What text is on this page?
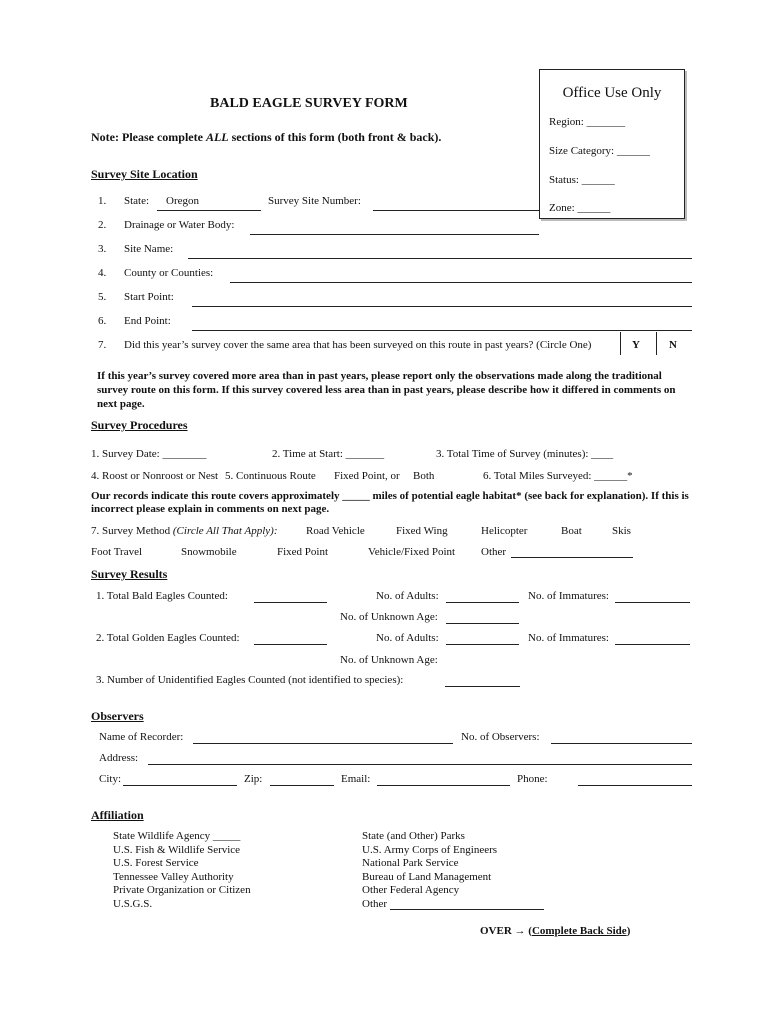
BALD EAGLE SURVEY FORM
Note: Please complete ALL sections of this form (both front & back).
Office Use Only
Region: _______
Size Category: ______
Status: ______
Zone: ______
Survey Site Location
1. State: Oregon	Survey Site Number:
2. Drainage or Water Body:
3. Site Name:
4. County or Counties:
5. Start Point:
6. End Point:
7. Did this year’s survey cover the same area that has been surveyed on this route in past years? (Circle One)	Y	N
If this year’s survey covered more area than in past years, please report only the observations made along the traditional survey route on this form. If this survey covered less area than in past years, please describe how it differed in comments on next page.
Survey Procedures
1. Survey Date: ________	2. Time at Start: _______	3. Total Time of Survey (minutes): ____
4. Roost or Nonroost or Nest 5. Continuous Route Fixed Point, or Both	6. Total Miles Surveyed: ______*
Our records indicate this route covers approximately _____ miles of potential eagle habitat* (see back for explanation). If this is incorrect please explain in comments on next page.
7. Survey Method (Circle All That Apply):	Road Vehicle	Fixed Wing	Helicopter	Boat	Skis
Foot Travel	Snowmobile	Fixed Point	Vehicle/Fixed Point Other
Survey Results
1. Total Bald Eagles Counted:	No. of Adults:	No. of Immatures:
No. of Unknown Age:
2. Total Golden Eagles Counted:	No. of Adults:	No. of Immatures:
No. of Unknown Age:
3. Number of Unidentified Eagles Counted (not identified to species):
Observers
Name of Recorder:	No. of Observers:
Address:
City:	Zip:	Email:	Phone:
Affiliation
State Wildlife Agency _____
U.S. Fish & Wildlife Service
U.S. Forest Service
Tennessee Valley Authority
Private Organization or Citizen
U.S.G.S.
State (and Other) Parks
U.S. Army Corps of Engineers
National Park Service
Bureau of Land Management
Other Federal Agency
Other
OVER → (Complete Back Side)
